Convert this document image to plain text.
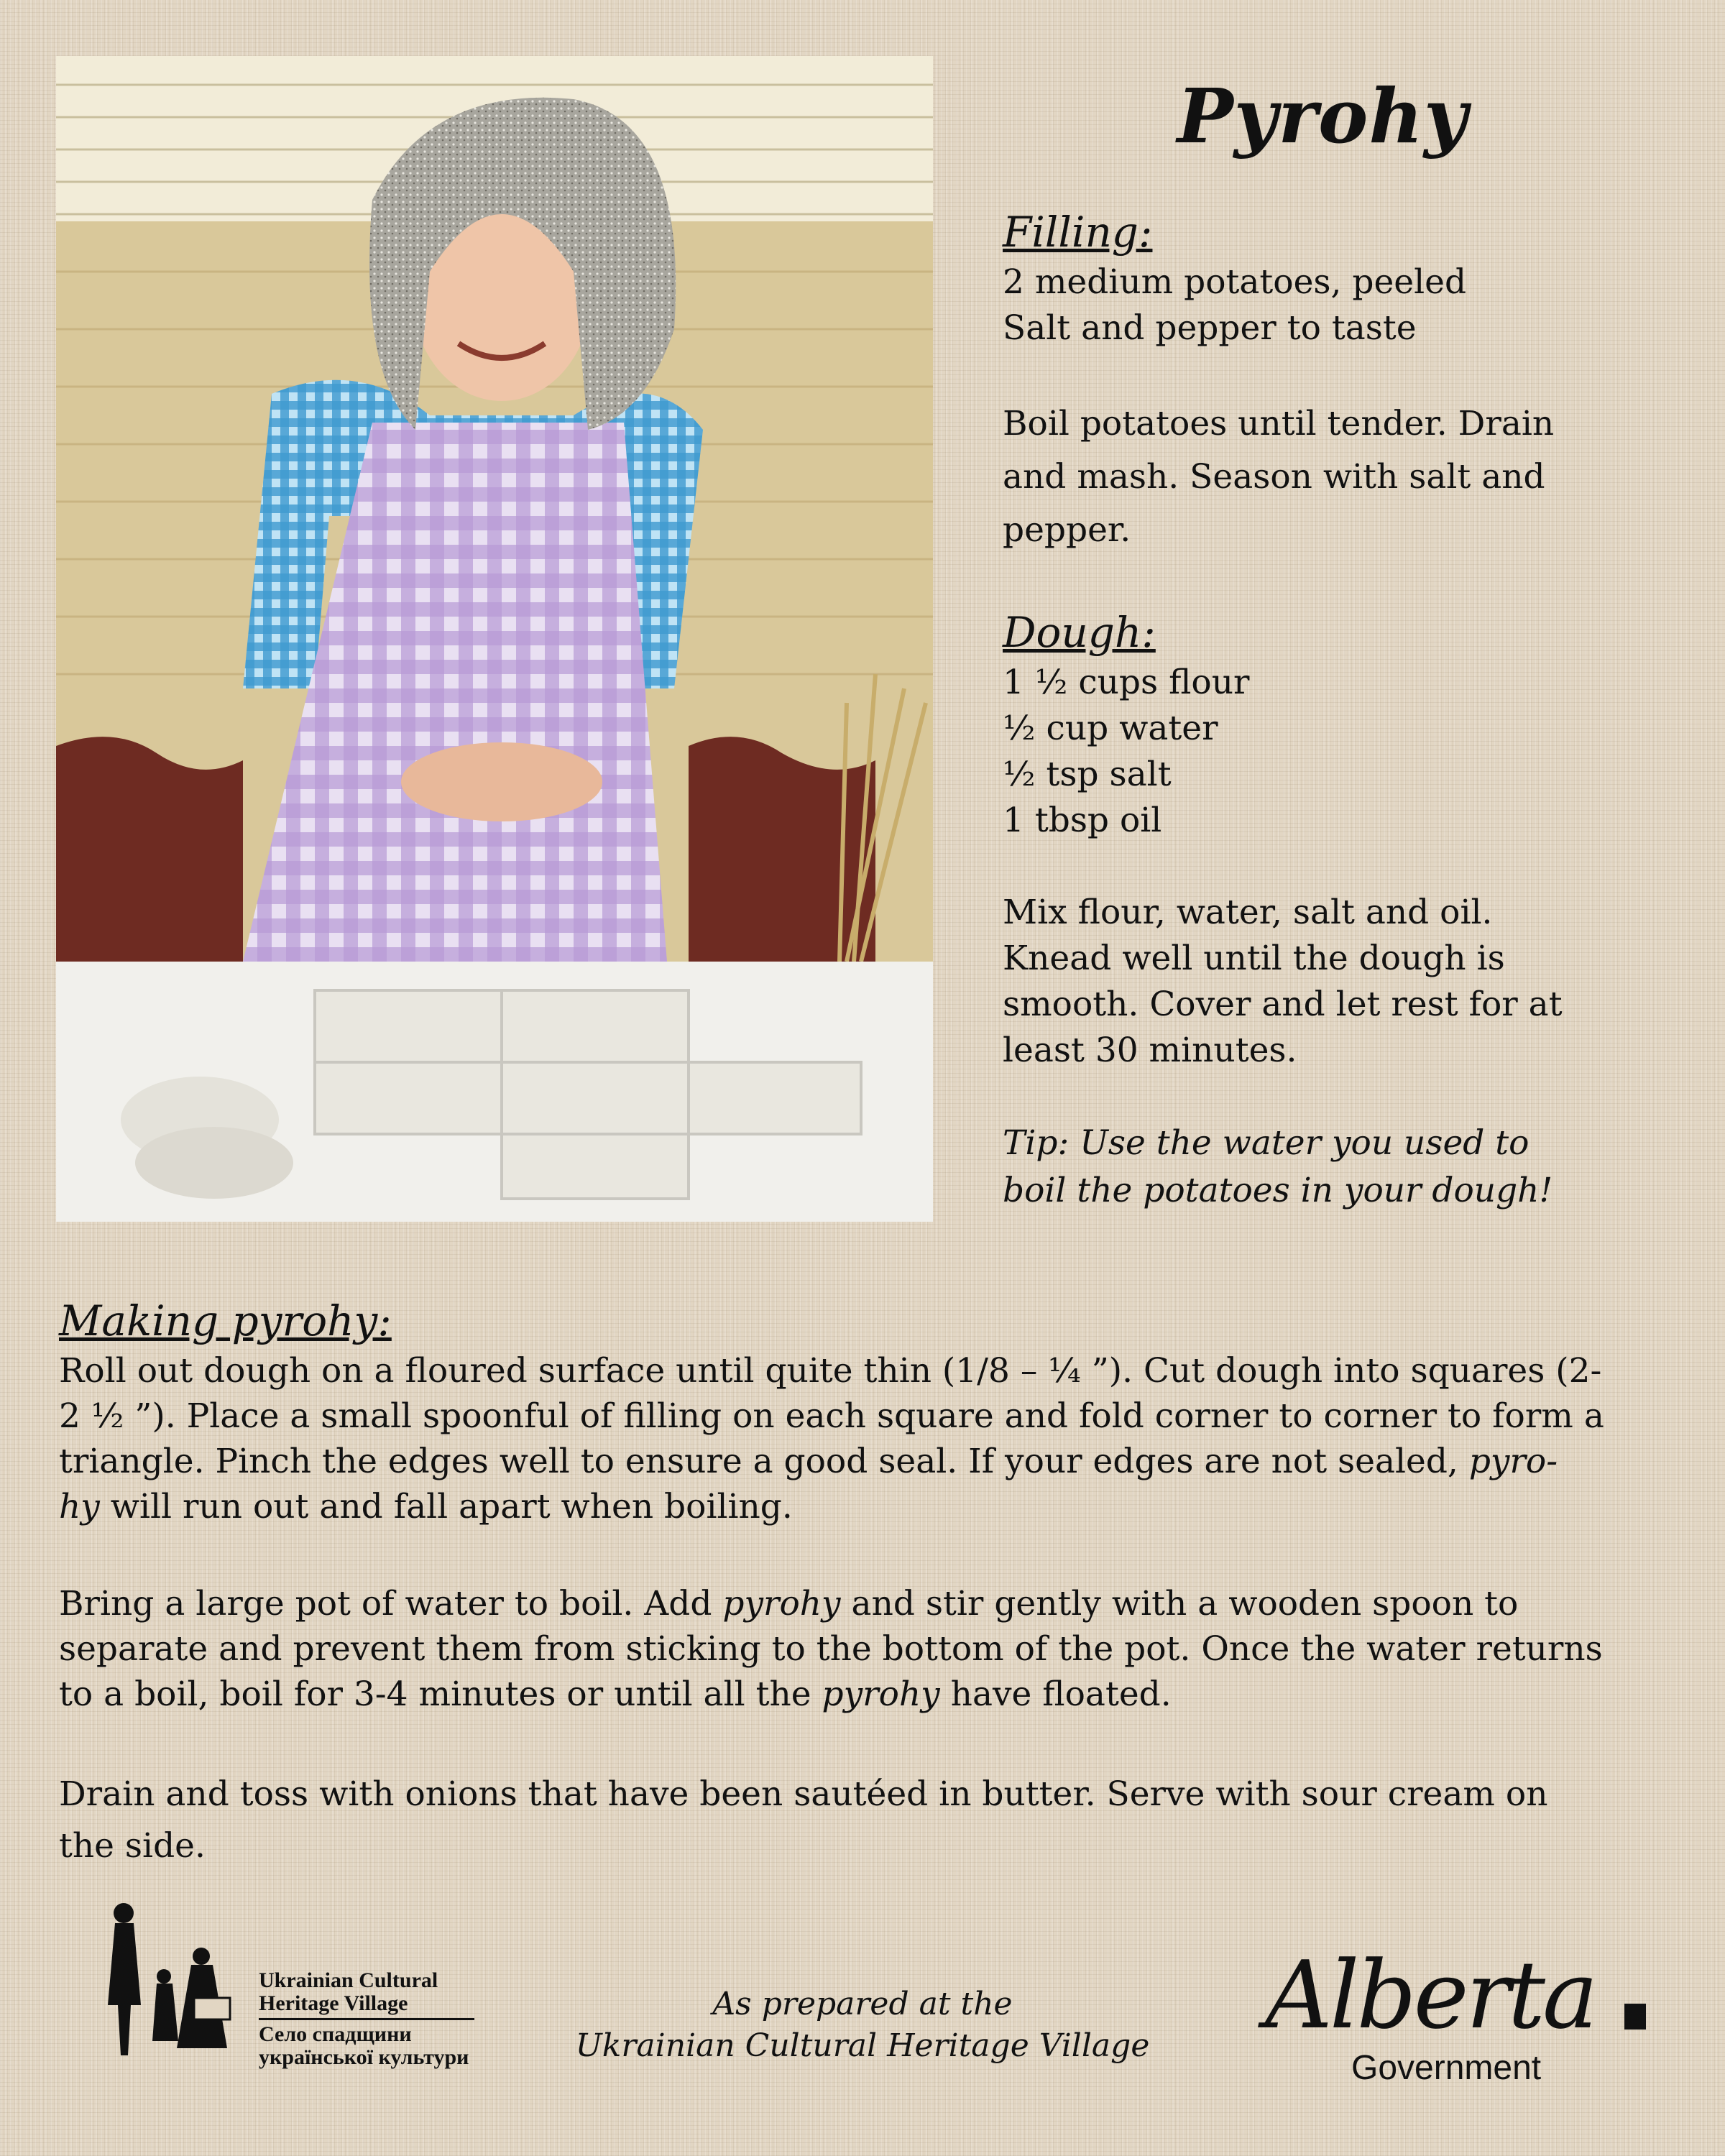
Pyrohy
Filling:
2 medium potatoes, peeled
Salt and pepper to taste
Boil potatoes until tender. Drain
and mash. Season with salt and
pepper.
Dough:
1 ½ cups flour
½ cup water
½ tsp salt
1 tbsp oil
Mix flour, water, salt and oil.
Knead well until the dough is
smooth. Cover and let rest for at
least 30 minutes.
Tip: Use the water you used to
boil the potatoes in your dough!
Making pyrohy:

Roll out dough on a floured surface until quite thin (1/8 – ¼ ”). Cut dough into squares (2-
2 ½ ”). Place a small spoonful of filling on each square and fold corner to corner to form a
triangle. Pinch the edges well to ensure a good seal. If your edges are not sealed, pyro-
hy will run out and fall apart when boiling.

Bring a large pot of water to boil. Add pyrohy and stir gently with a wooden spoon to
separate and prevent them from sticking to the bottom of the pot. Once the water returns
to a boil, boil for 3-4 minutes or until all the pyrohy have floated.

Drain and toss with onions that have been sautéed in butter. Serve with sour cream on
the side.

Ukrainian Cultural
Heritage Village
Село спадщини
української культури
As prepared at the
Ukrainian Cultural Heritage Village	Alberta
Government
